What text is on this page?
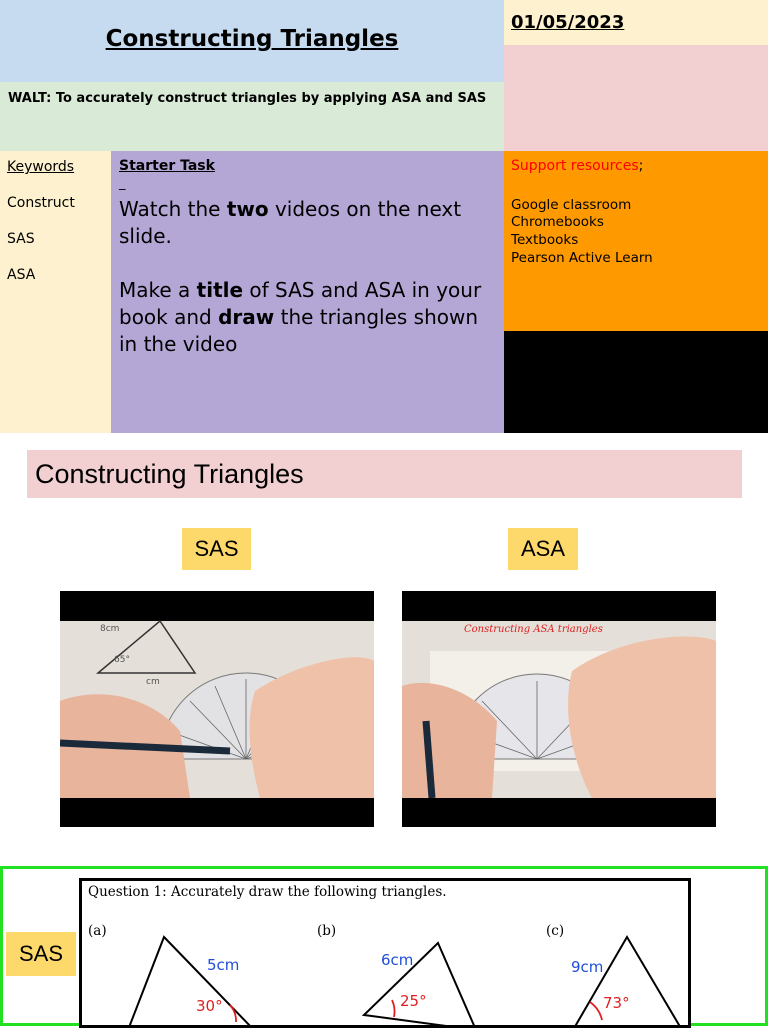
Constructing Triangles
01/05/2023
WALT: To accurately construct triangles by applying ASA and SAS
Keywords
Construct
SAS
ASA
Starter Task
_
Watch the two videos on the next slide.
Make a title of SAS and ASA in your book and draw the triangles shown in the video
Support resources;
Google classroom
Chromebooks
Textbooks
Pearson Active Learn
Constructing Triangles
SAS	ASA
8cm
65°
cm
Constructing ASA triangles
SAS
Question 1: Accurately draw the following triangles.
(a)	(b)	(c)
5cm
30°
6cm
25°
9cm
73°
